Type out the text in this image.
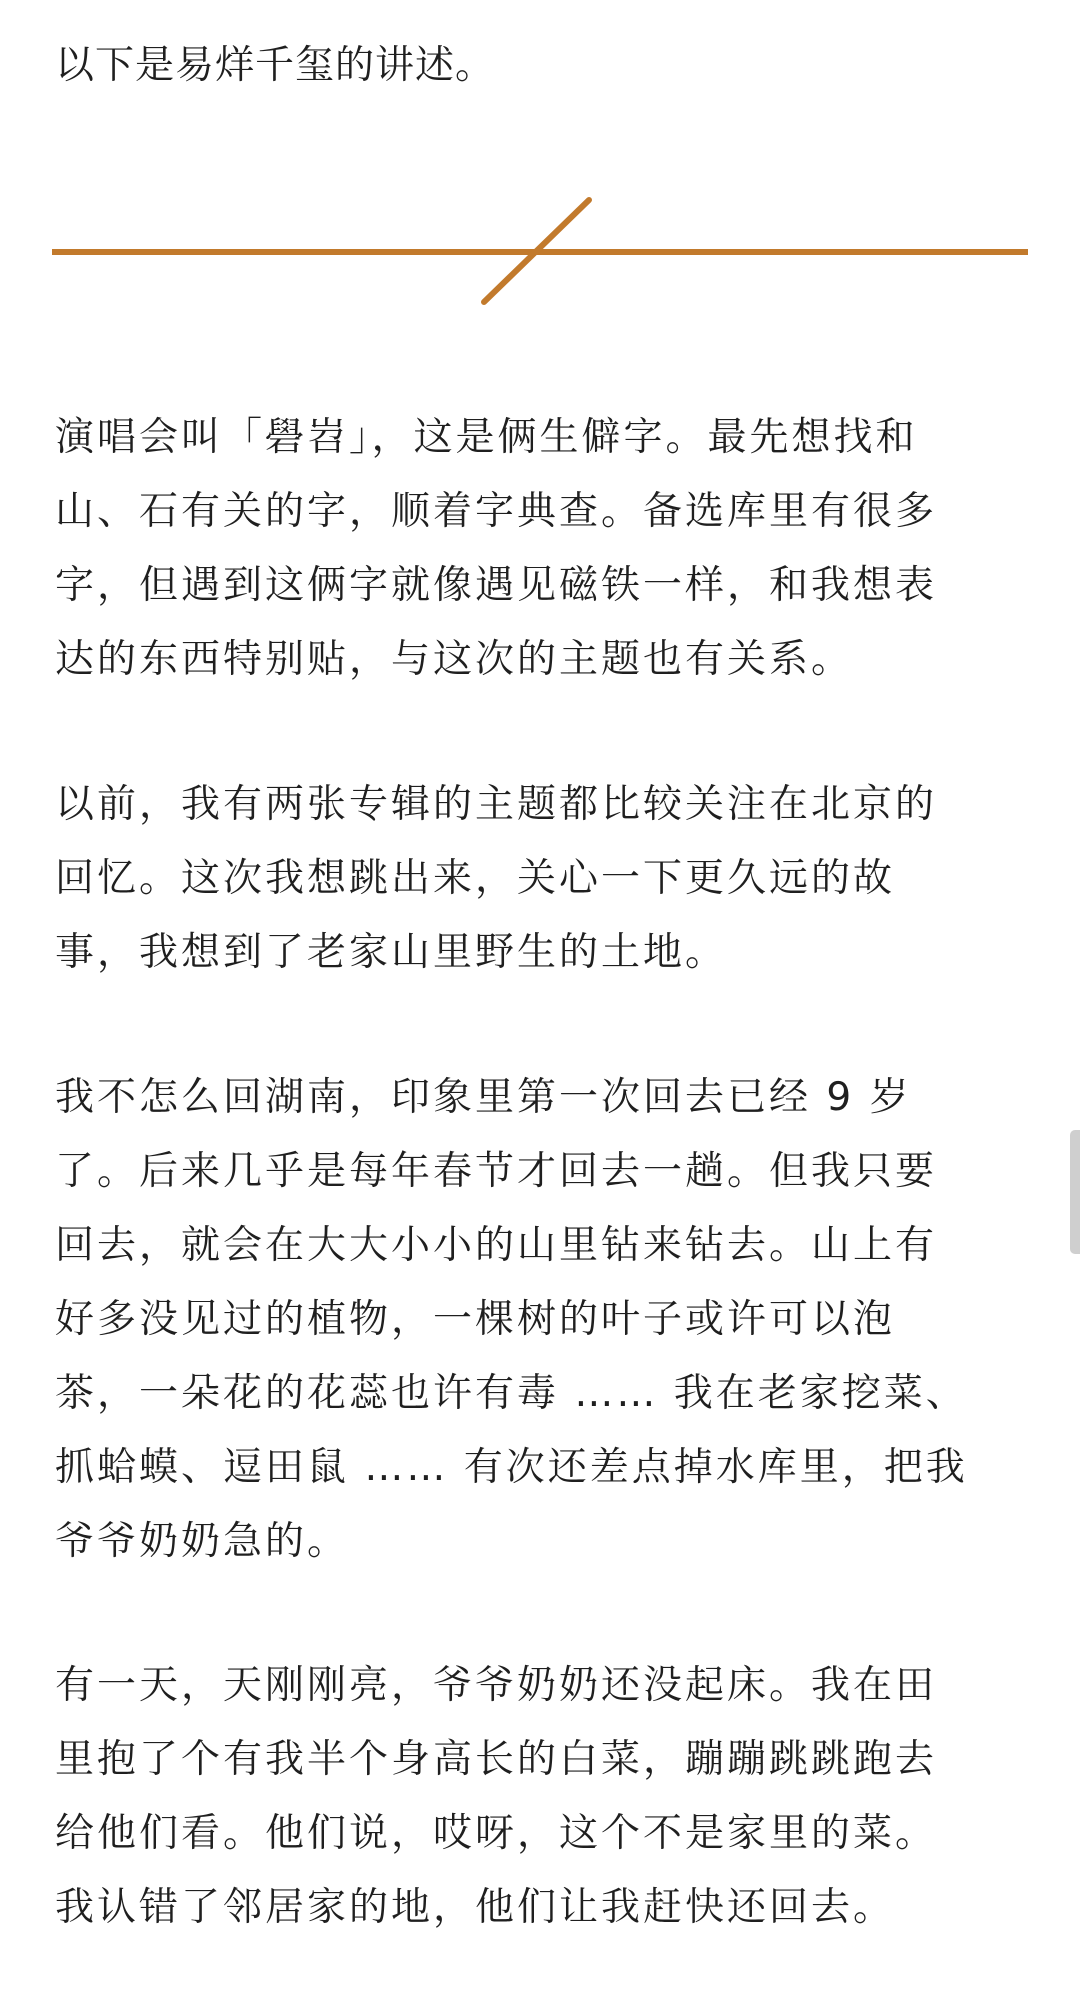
以下是易烊千玺的讲述。

演唱会叫「礐岧」，这是俩生僻字。最先想找和
山、石有关的字，顺着字典查。备选库里有很多
字，但遇到这俩字就像遇见磁铁一样，和我想表
达的东西特别贴，与这次的主题也有关系。

以前，我有两张专辑的主题都比较关注在北京的
回忆。这次我想跳出来，关心一下更久远的故
事，我想到了老家山里野生的土地。

我不怎么回湖南，印象里第一次回去已经 9 岁
了。后来几乎是每年春节才回去一趟。但我只要
回去，就会在大大小小的山里钻来钻去。山上有
好多没见过的植物，一棵树的叶子或许可以泡
茶，一朵花的花蕊也许有毒 …… 我在老家挖菜、
抓蛤蟆、逗田鼠 …… 有次还差点掉水库里，把我
爷爷奶奶急的。

有一天，天刚刚亮，爷爷奶奶还没起床。我在田
里抱了个有我半个身高长的白菜，蹦蹦跳跳跑去
给他们看。他们说，哎呀，这个不是家里的菜。
我认错了邻居家的地，他们让我赶快还回去。
